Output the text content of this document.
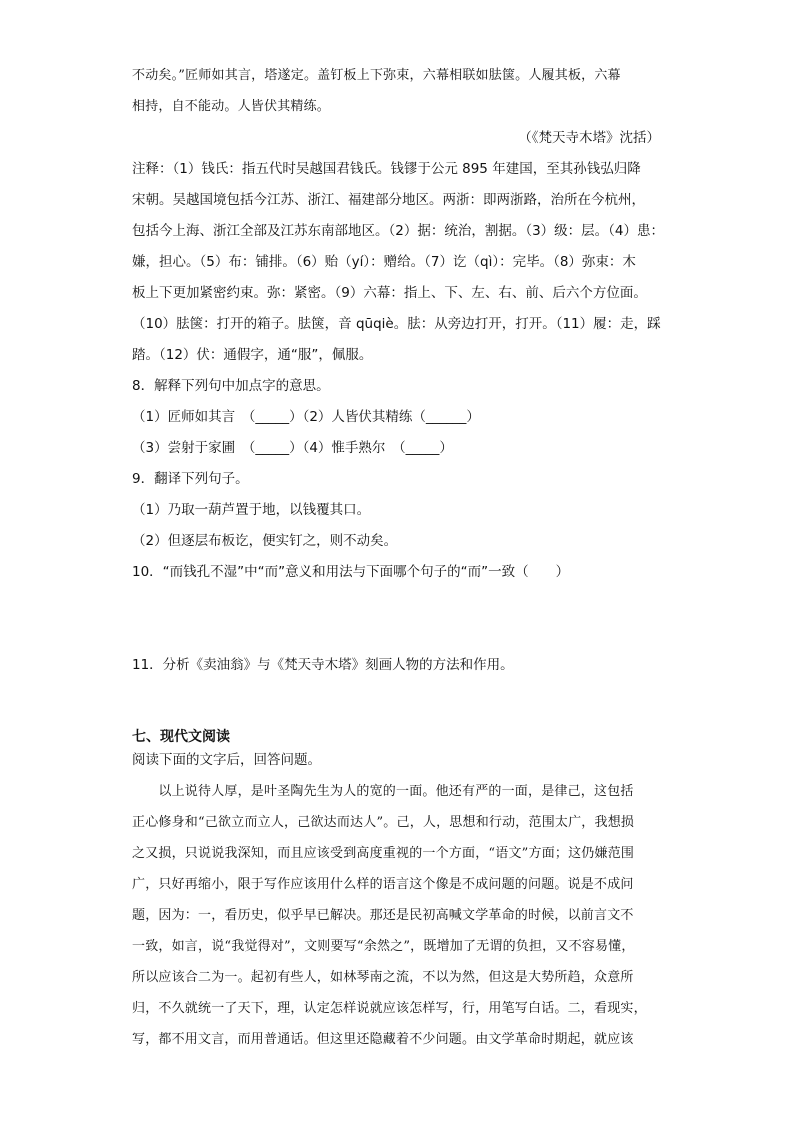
不动矣。”匠师如其言，塔遂定。盖钉板上下弥束，六幕相联如胠箧。人履其板，六幕
相持，自不能动。人皆伏其精练。
（《梵天寺木塔》沈括）
注释：（1）钱氏：指五代时吴越国君钱氏。钱镠于公元 895 年建国，至其孙钱弘归降
宋朝。吴越国境包括今江苏、浙江、福建部分地区。两浙：即两浙路，治所在今杭州，
包括今上海、浙江全部及江苏东南部地区。（2）据：统治，割据。（3）级：层。（4）患：
嫌，担心。（5）布：铺排。（6）贻（yí）：赠给。（7）讫（qì）：完毕。（8）弥束：木
板上下更加紧密约束。弥：紧密。（9）六幕：指上、下、左、右、前、后六个方位面。
（10）胠箧：打开的箱子。胠箧，音 qūqiè。胠：从旁边打开，打开。（11）履：走，踩
踏。（12）伏：通假字，通“服”，佩服。
8．解释下列句中加点字的意思。
（1）匠师如其言　（_____）（2）人皆伏其精练（______）
（3）尝射于家圃　（_____）（4）惟手熟尔　（_____）
9．翻译下列句子。
（1）乃取一葫芦置于地，以钱覆其口。
（2）但逐层布板讫，便实钉之，则不动矣。
10．“而钱孔不湿”中“而”意义和用法与下面哪个句子的“而”一致（　　）
11．分析《卖油翁》与《梵天寺木塔》刻画人物的方法和作用。
七、现代文阅读
阅读下面的文字后，回答问题。
　　以上说待人厚，是叶圣陶先生为人的宽的一面。他还有严的一面，是律己，这包括
正心修身和“己欲立而立人，己欲达而达人”。己，人，思想和行动，范围太广，我想损
之又损，只说说我深知，而且应该受到高度重视的一个方面，“语文”方面；这仍嫌范围
广，只好再缩小，限于写作应该用什么样的语言这个像是不成问题的问题。说是不成问
题，因为：一，看历史，似乎早已解决。那还是民初高喊文学革命的时候，以前言文不
一致，如言，说“我觉得对”，文则要写“余然之”，既增加了无谓的负担，又不容易懂，
所以应该合二为一。起初有些人，如林琴南之流，不以为然，但这是大势所趋，众意所
归，不久就统一了天下，理，认定怎样说就应该怎样写，行，用笔写白话。二，看现实，
写，都不用文言，而用普通话。但这里还隐藏着不少问题。由文学革命时期起，就应该
